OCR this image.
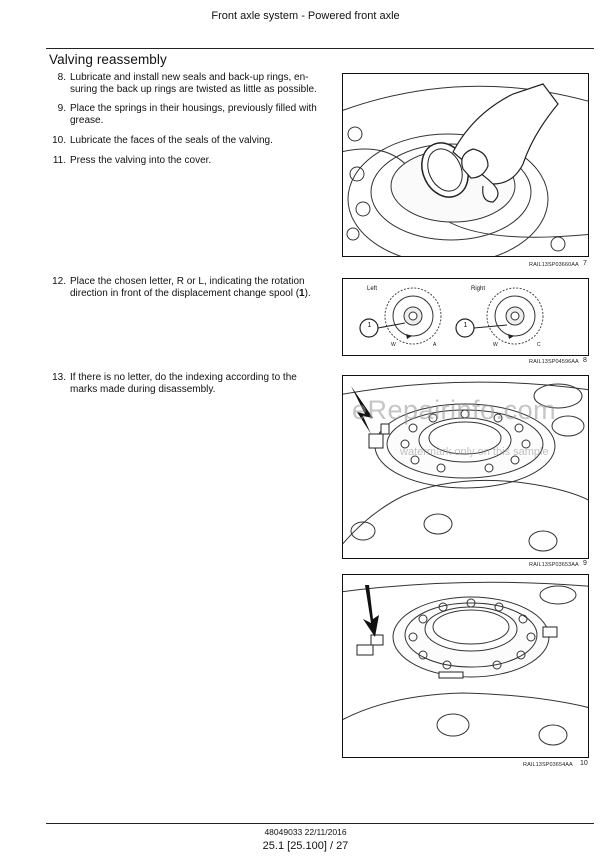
Front axle system - Powered front axle
Valving reassembly
8. Lubricate and install new seals and back-up rings, en-suring the back up rings are twisted as little as possible.
9. Place the springs in their housings, previously filled with grease.
10. Lubricate the faces of the seals of the valving.
11. Press the valving into the cover.
RAIL13SP03660AA 7
12. Place the chosen letter, R or L, indicating the rotation direction in front of the displacement change spool (1).	Left	Right
1	1
W	A	W	C
RAIL13SP04596AA 8
13. If there is no letter, do the indexing according to the marks made during disassembly.
eRepairinfo.com
watermark only on this sample
RAIL13SP03653AA 9
RAIL13SP03654AA 10
48049033 22/11/2016
25.1 [25.100] / 27
